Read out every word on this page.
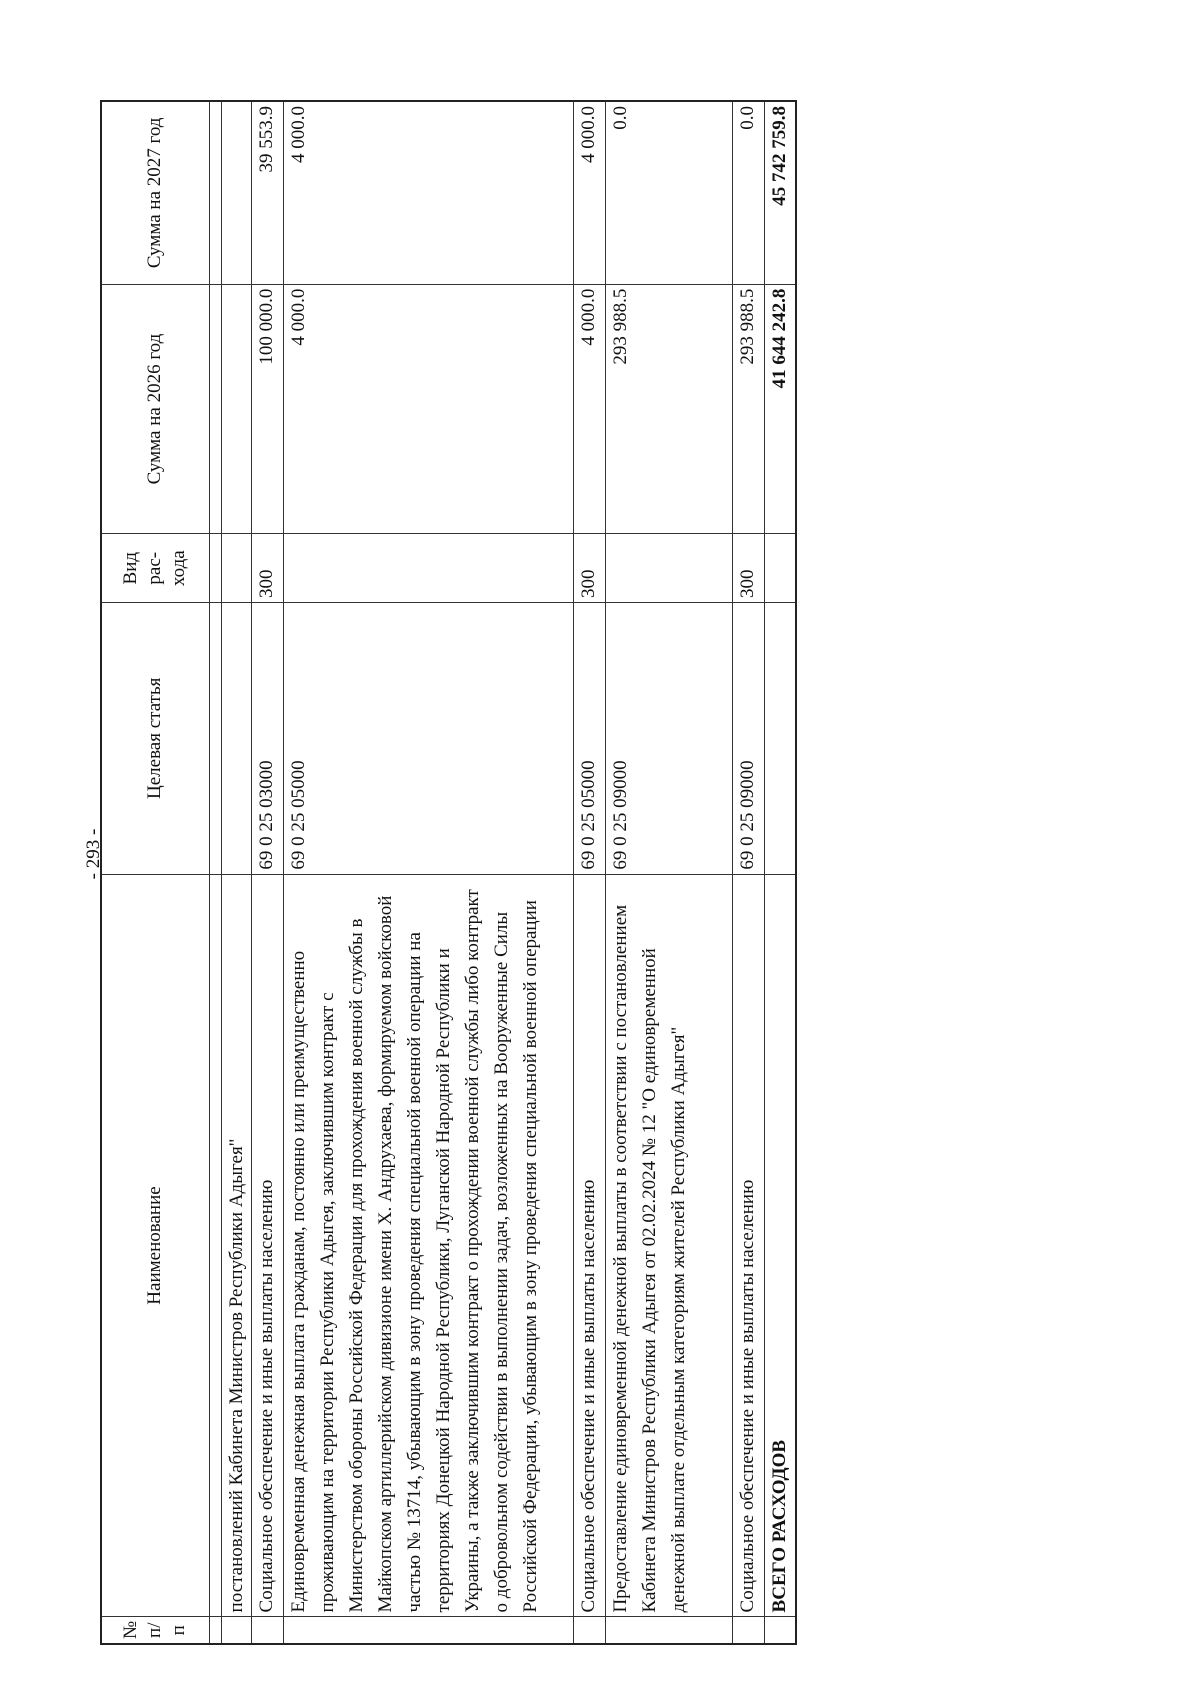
- 293 -
№ п/п	Наименование	Целевая статья	Вид рас-хода	Сумма на 2026 год	Сумма на 2027 год

	постановлений Кабинета Министров Республики Адыгея"				
	Социальное обеспечение и иные выплаты населению	69 0 25 03000	300	100 000.0	39 553.9
	Единовременная денежная выплата гражданам, постоянно или преимущественно проживающим на территории Республики Адыгея, заключившим контракт с Министерством обороны Российской Федерации для прохождения военной службы в Майкопском артиллерийском дивизионе имени Х. Андрухаева, формируемом войсковой частью № 13714, убывающим в зону проведения специальной военной операции на территориях Донецкой Народной Республики, Луганской Народной Республики и Украины, а также заключившим контракт о прохождении военной службы либо контракт о добровольном содействии в выполнении задач, возложенных на Вооруженные Силы Российской Федерации, убывающим в зону проведения специальной военной операции	69 0 25 05000		4 000.0	4 000.0
	Социальное обеспечение и иные выплаты населению	69 0 25 05000	300	4 000.0	4 000.0
	Предоставление единовременной денежной выплаты в соответствии с постановлением Кабинета Министров Республики Адыгея от 02.02.2024 № 12 "О единовременной денежной выплате отдельным категориям жителей Республики Адыгея"	69 0 25 09000		293 988.5	0.0
	Социальное обеспечение и иные выплаты населению	69 0 25 09000	300	293 988.5	0.0
	ВСЕГО РАСХОДОВ			41 644 242.8	45 742 759.8
